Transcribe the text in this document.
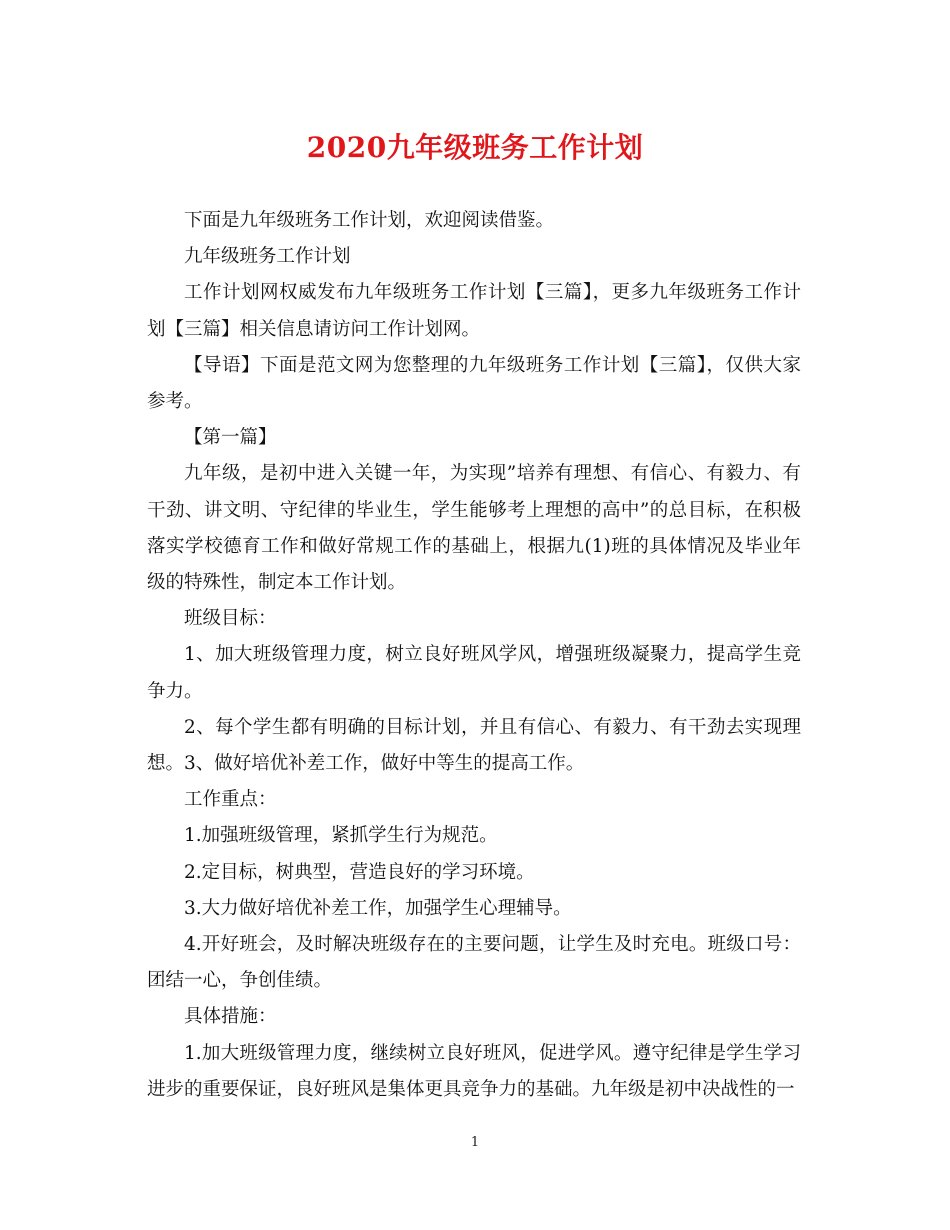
2020九年级班务工作计划

下面是九年级班务工作计划，欢迎阅读借鉴。

九年级班务工作计划

工作计划网权威发布九年级班务工作计划【三篇】，更多九年级班务工作计划【三篇】相关信息请访问工作计划网。

【导语】下面是范文网为您整理的九年级班务工作计划【三篇】，仅供大家参考。

【第一篇】

九年级，是初中进入关键一年，为实现”培养有理想、有信心、有毅力、有干劲、讲文明、守纪律的毕业生，学生能够考上理想的高中”的总目标，在积极落实学校德育工作和做好常规工作的基础上，根据九(1)班的具体情况及毕业年级的特殊性，制定本工作计划。

班级目标：

1、加大班级管理力度，树立良好班风学风，增强班级凝聚力，提高学生竞争力。

2、每个学生都有明确的目标计划，并且有信心、有毅力、有干劲去实现理想。3、做好培优补差工作，做好中等生的提高工作。

工作重点：

1.加强班级管理，紧抓学生行为规范。

2.定目标，树典型，营造良好的学习环境。

3.大力做好培优补差工作，加强学生心理辅导。

4.开好班会，及时解决班级存在的主要问题，让学生及时充电。班级口号：团结一心，争创佳绩。

具体措施：

1.加大班级管理力度，继续树立良好班风，促进学风。遵守纪律是学生学习进步的重要保证，良好班风是集体更具竞争力的基础。九年级是初中决战性的一

1
